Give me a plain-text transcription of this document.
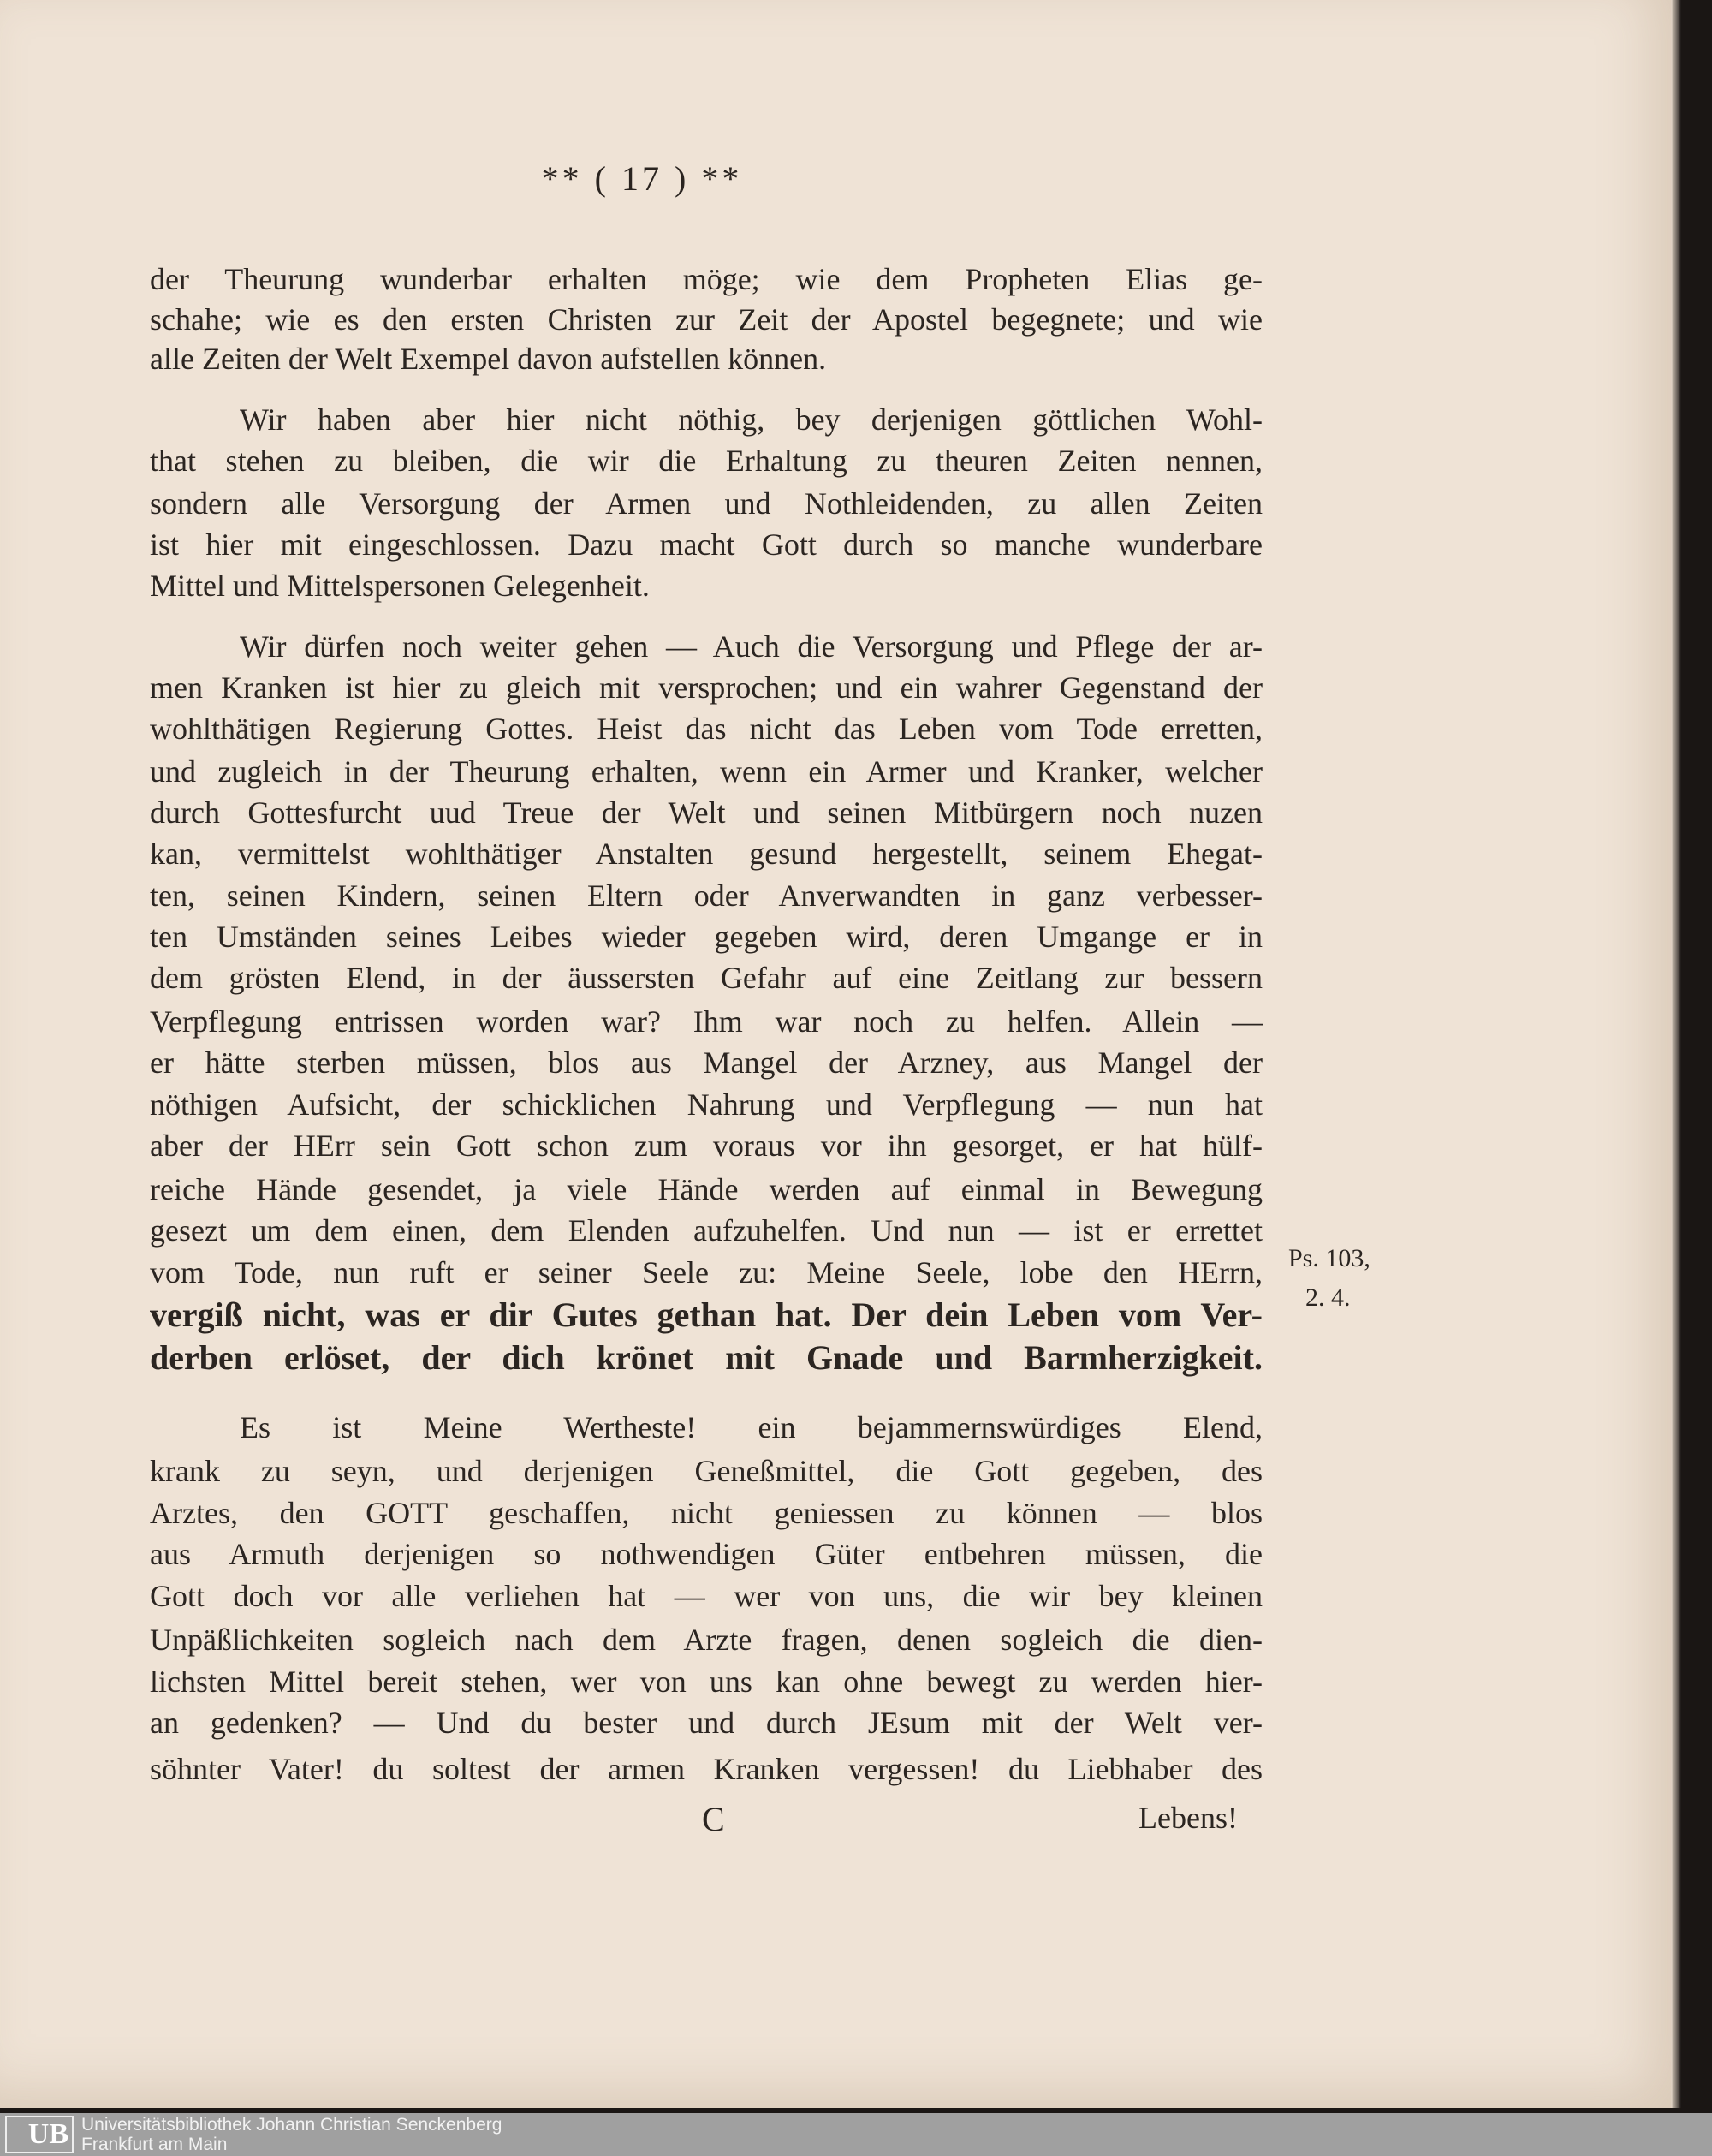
** ( 17 ) **
der Theurung wunderbar erhalten möge; wie dem Propheten Elias ge-
schahe; wie es den ersten Christen zur Zeit der Apostel begegnete; und wie
alle Zeiten der Welt Exempel davon aufstellen können.
Wir haben aber hier nicht nöthig, bey derjenigen göttlichen Wohl-
that stehen zu bleiben, die wir die Erhaltung zu theuren Zeiten nennen,
sondern alle Versorgung der Armen und Nothleidenden, zu allen Zeiten
ist hier mit eingeschlossen. Dazu macht Gott durch so manche wunderbare
Mittel und Mittelspersonen Gelegenheit.
Wir dürfen noch weiter gehen — Auch die Versorgung und Pflege der ar-
men Kranken ist hier zu gleich mit versprochen; und ein wahrer Gegenstand der
wohlthätigen Regierung Gottes. Heist das nicht das Leben vom Tode erretten,
und zugleich in der Theurung erhalten, wenn ein Armer und Kranker, welcher
durch Gottesfurcht uud Treue der Welt und seinen Mitbürgern noch nuzen
kan, vermittelst wohlthätiger Anstalten gesund hergestellt, seinem Ehegat-
ten, seinen Kindern, seinen Eltern oder Anverwandten in ganz verbesser-
ten Umständen seines Leibes wieder gegeben wird, deren Umgange er in
dem grösten Elend, in der äussersten Gefahr auf eine Zeitlang zur bessern
Verpflegung entrissen worden war? Ihm war noch zu helfen. Allein —
er hätte sterben müssen, blos aus Mangel der Arzney, aus Mangel der
nöthigen Aufsicht, der schicklichen Nahrung und Verpflegung — nun hat
aber der HErr sein Gott schon zum voraus vor ihn gesorget, er hat hülf-
reiche Hände gesendet, ja viele Hände werden auf einmal in Bewegung
gesezt um dem einen, dem Elenden aufzuhelfen. Und nun — ist er errettet
vom Tode, nun ruft er seiner Seele zu: Meine Seele, lobe den HErrn,
vergiß nicht, was er dir Gutes gethan hat. Der dein Leben vom Ver-
derben erlöset, der dich krönet mit Gnade und Barmherzigkeit.
Es ist Meine Wertheste! ein bejammernswürdiges Elend,
krank zu seyn, und derjenigen Geneßmittel, die Gott gegeben, des
Arztes, den GOTT geschaffen, nicht geniessen zu können — blos
aus Armuth derjenigen so nothwendigen Güter entbehren müssen, die
Gott doch vor alle verliehen hat — wer von uns, die wir bey kleinen
Unpäßlichkeiten sogleich nach dem Arzte fragen, denen sogleich die dien-
lichsten Mittel bereit stehen, wer von uns kan ohne bewegt zu werden hier-
an gedenken? — Und du bester und durch JEsum mit der Welt ver-
söhnter Vater! du soltest der armen Kranken vergessen! du Liebhaber des
Ps. 103,
2. 4.
C	Lebens!
UB Universitätsbibliothek Johann Christian Senckenberg
Frankfurt am Main
